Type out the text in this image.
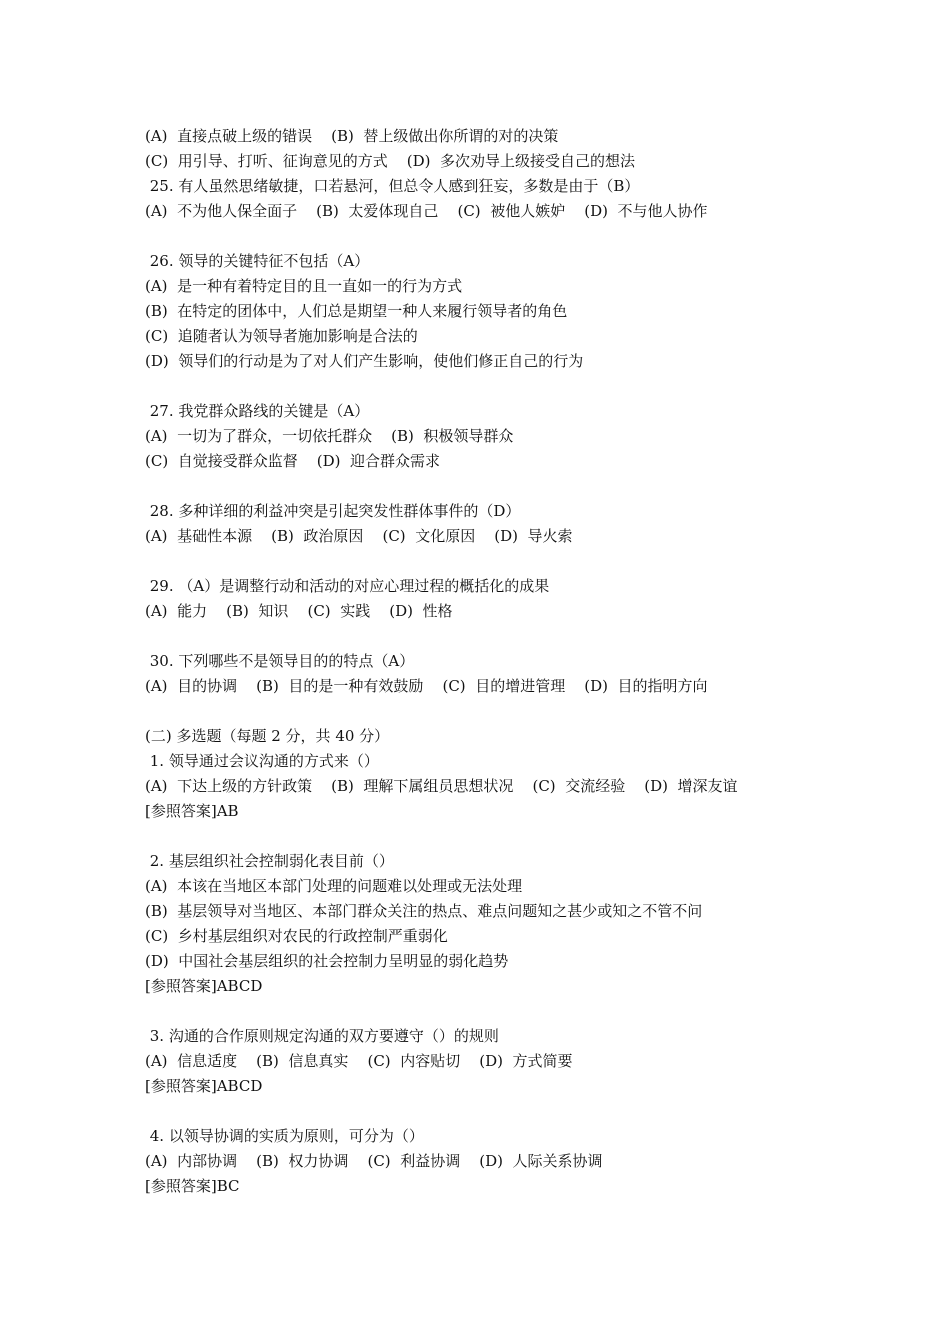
(A)  直接点破上级的错误    (B)  替上级做出你所谓的对的决策
(C)  用引导、打听、征询意见的方式    (D)  多次劝导上级接受自己的想法
25. 有人虽然思绪敏捷，口若悬河，但总令人感到狂妄，多数是由于（B）
(A)  不为他人保全面子    (B)  太爱体现自己    (C)  被他人嫉妒    (D)  不与他人协作
26. 领导的关键特征不包括（A）
(A)  是一种有着特定目的且一直如一的行为方式
(B)  在特定的团体中，人们总是期望一种人来履行领导者的角色
(C)  追随者认为领导者施加影响是合法的
(D)  领导们的行动是为了对人们产生影响，使他们修正自己的行为
27. 我党群众路线的关键是（A）
(A)  一切为了群众，一切依托群众    (B)  积极领导群众
(C)  自觉接受群众监督    (D)  迎合群众需求
28. 多种详细的利益冲突是引起突发性群体事件的（D）
(A)  基础性本源    (B)  政治原因    (C)  文化原因    (D)  导火索
29. （A）是调整行动和活动的对应心理过程的概括化的成果
(A)  能力    (B)  知识    (C)  实践    (D)  性格
30. 下列哪些不是领导目的的特点（A）
(A)  目的协调    (B)  目的是一种有效鼓励    (C)  目的增进管理    (D)  目的指明方向
(二) 多选题（每题 2 分，共 40 分）
1. 领导通过会议沟通的方式来（）
(A)  下达上级的方针政策    (B)  理解下属组员思想状况    (C)  交流经验    (D)  增深友谊
[参照答案]AB
2. 基层组织社会控制弱化表目前（）
(A)  本该在当地区本部门处理的问题难以处理或无法处理
(B)  基层领导对当地区、本部门群众关注的热点、难点问题知之甚少或知之不管不问
(C)  乡村基层组织对农民的行政控制严重弱化
(D)  中国社会基层组织的社会控制力呈明显的弱化趋势
[参照答案]ABCD
3. 沟通的合作原则规定沟通的双方要遵守（）的规则
(A)  信息适度    (B)  信息真实    (C)  内容贴切    (D)  方式简要
[参照答案]ABCD
4. 以领导协调的实质为原则，可分为（）
(A)  内部协调    (B)  权力协调    (C)  利益协调    (D)  人际关系协调
[参照答案]BC
